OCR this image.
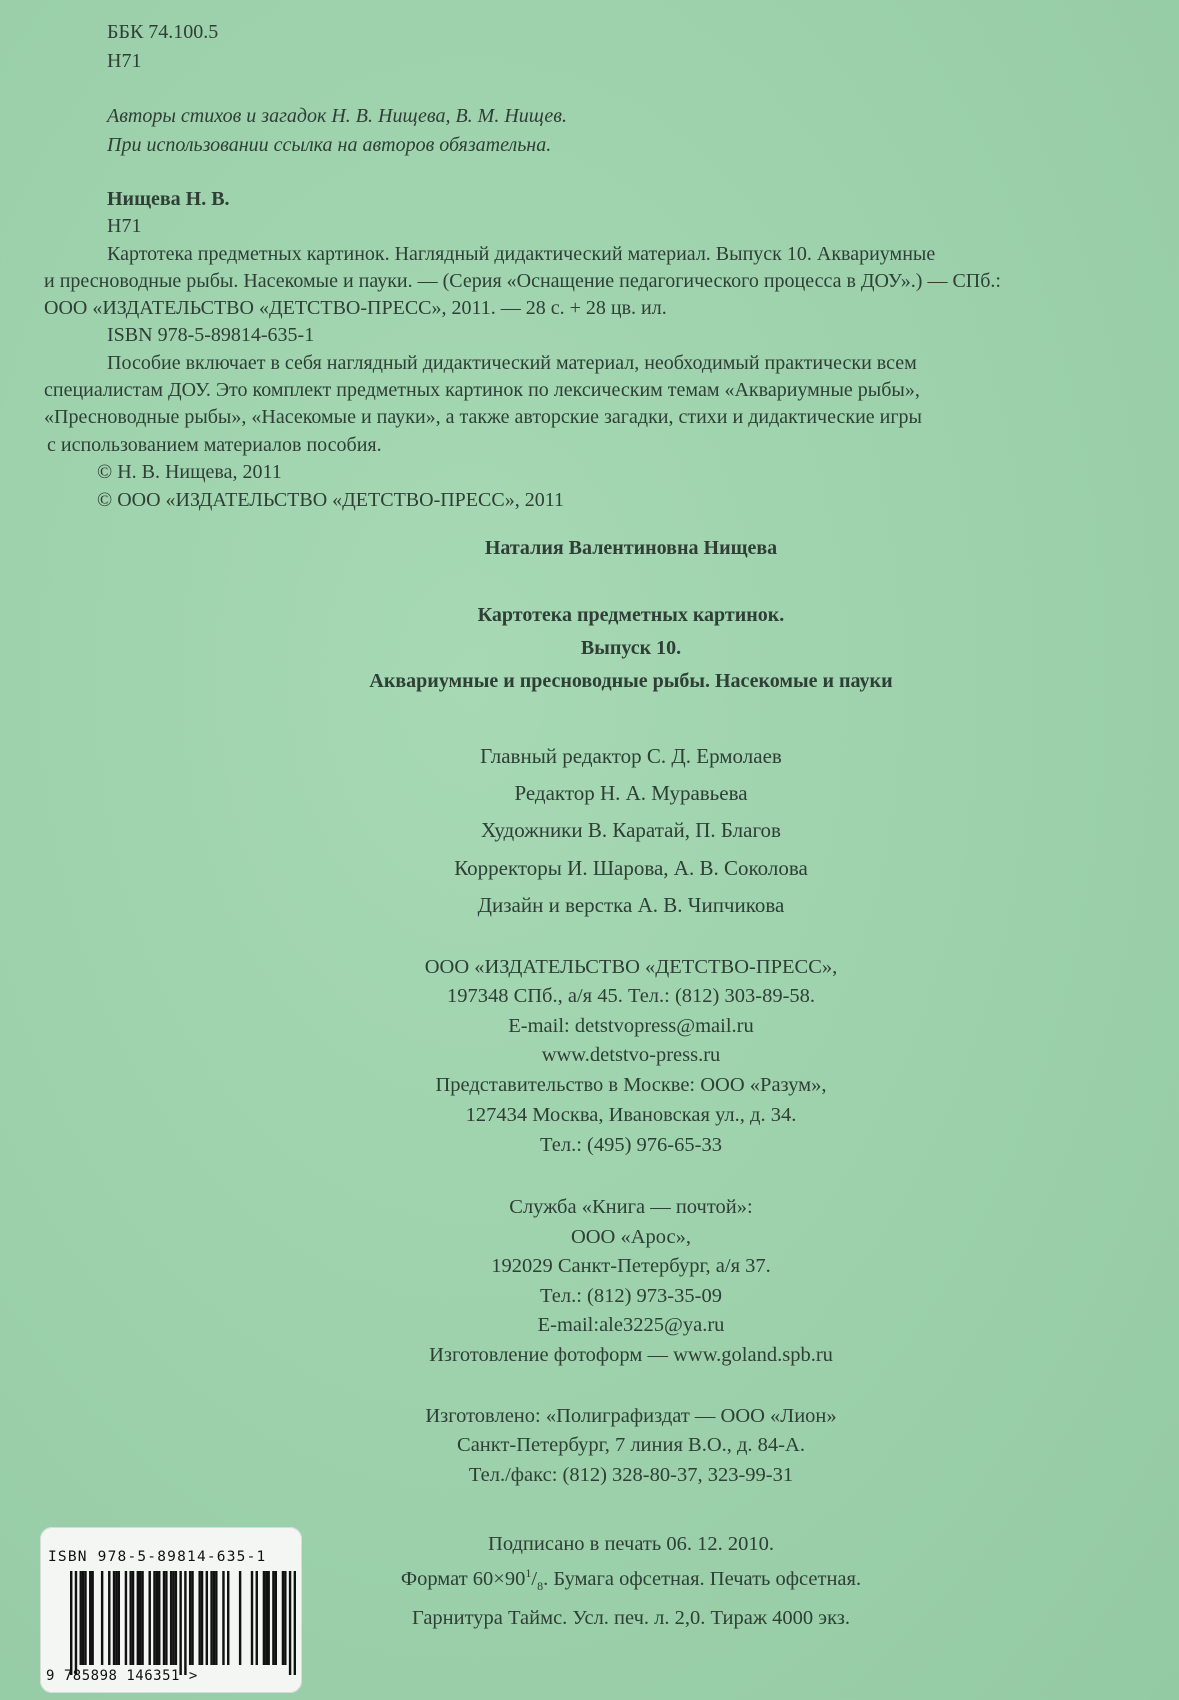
ББК 74.100.5
Н71
Авторы стихов и загадок Н. В. Нищева, В. М. Нищев.
При использовании ссылка на авторов обязательна.
Нищева Н. В.
Н71
Картотека предметных картинок. Наглядный дидактический материал. Выпуск 10. Аквариумные
и пресноводные рыбы. Насекомые и пауки. — (Серия «Оснащение педагогического процесса в ДОУ».) — СПб.:
ООО «ИЗДАТЕЛЬСТВО «ДЕТСТВО-ПРЕСС», 2011. — 28 с. + 28 цв. ил.
ISBN 978-5-89814-635-1
Пособие включает в себя наглядный дидактический материал, необходимый практически всем
специалистам ДОУ. Это комплект предметных картинок по лексическим темам «Аквариумные рыбы»,
«Пресноводные рыбы», «Насекомые и пауки», а также авторские загадки, стихи и дидактические игры
с использованием материалов пособия.
© Н. В. Нищева, 2011
© ООО «ИЗДАТЕЛЬСТВО «ДЕТСТВО-ПРЕСС», 2011
Наталия Валентиновна Нищева
Картотека предметных картинок.
Выпуск 10.
Аквариумные и пресноводные рыбы. Насекомые и пауки
Главный редактор С. Д. Ермолаев
Редактор Н. А. Муравьева
Художники В. Каратай, П. Благов
Корректоры И. Шарова, А. В. Соколова
Дизайн и верстка А. В. Чипчикова
ООО «ИЗДАТЕЛЬСТВО «ДЕТСТВО-ПРЕСС»,
197348 СПб., а/я 45. Тел.: (812) 303-89-58.
E-mail: detstvopress@mail.ru
www.detstvo-press.ru
Представительство в Москве: ООО «Разум»,
127434 Москва, Ивановская ул., д. 34.
Тел.: (495) 976-65-33
Служба «Книга — почтой»:
ООО «Арос»,
192029 Санкт-Петербург, а/я 37.
Тел.: (812) 973-35-09
E-mail:ale3225@ya.ru
Изготовление фотоформ — www.goland.spb.ru
Изготовлено: «Полиграфиздат — ООО «Лион»
Санкт-Петербург, 7 линия В.О., д. 84-А.
Тел./факс: (812) 328-80-37, 323-99-31
Подписано в печать 06. 12. 2010.
Формат $60\times 90^1/_8$. Бумага офсетная. Печать офсетная.
Гарнитура Таймс. Усл. печ. л. 2,0. Тираж 4000 экз.
ISBN 978-5-89814-635-1
9 785898 146351 >
